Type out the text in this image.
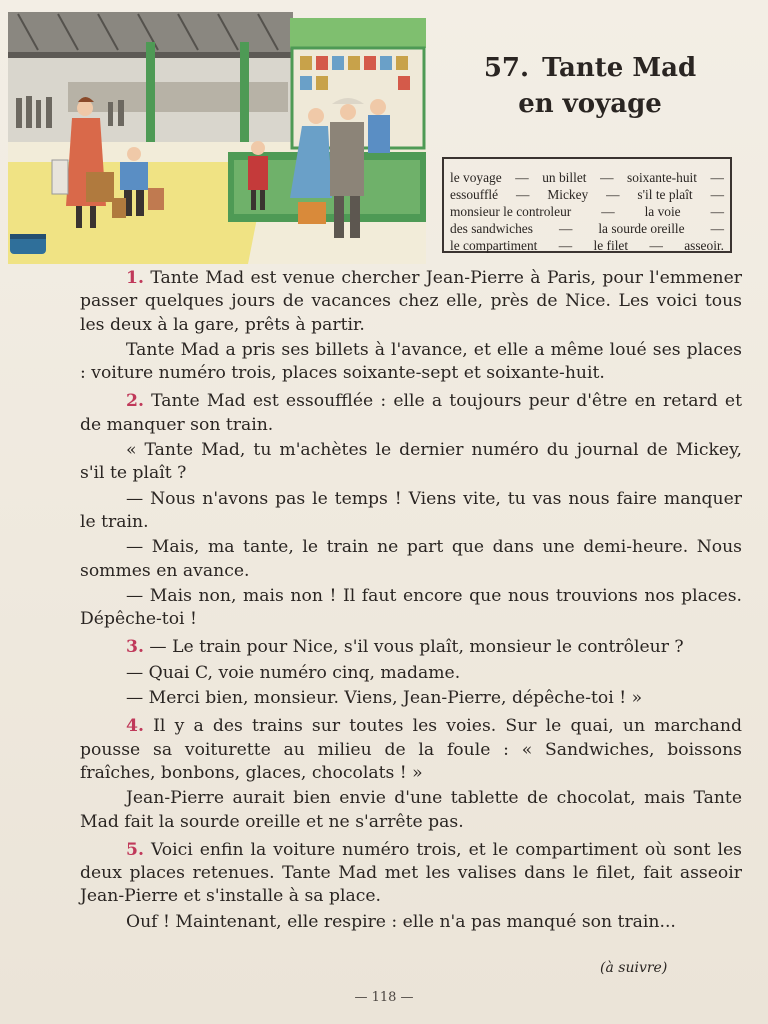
57. Tante Mad
en voyage
le voyage — un billet — soixante-huit —
essoufflé — Mickey — s'il te plaît —
monsieur le controleur — la voie —
des sandwiches — la sourde oreille —
le compartiment — le filet — asseoir.

1. Tante Mad est venue chercher Jean-Pierre à Paris, pour l'emmener passer quelques jours de vacances chez elle, près de Nice. Les voici tous les deux à la gare, prêts à partir.

Tante Mad a pris ses billets à l'avance, et elle a même loué ses places : voiture numéro trois, places soixante-sept et soixante-huit.

2. Tante Mad est essoufflée : elle a toujours peur d'être en retard et de manquer son train.

« Tante Mad, tu m'achètes le dernier numéro du journal de Mickey, s'il te plaît ?

— Nous n'avons pas le temps ! Viens vite, tu vas nous faire manquer le train.

— Mais, ma tante, le train ne part que dans une demi-heure. Nous sommes en avance.

— Mais non, mais non ! Il faut encore que nous trouvions nos places. Dépêche-toi !

3. — Le train pour Nice, s'il vous plaît, monsieur le contrôleur ?

— Quai C, voie numéro cinq, madame.

— Merci bien, monsieur. Viens, Jean-Pierre, dépêche-toi ! »

4. Il y a des trains sur toutes les voies. Sur le quai, un marchand pousse sa voiturette au milieu de la foule : « Sandwiches, boissons fraîches, bonbons, glaces, chocolats ! »

Jean-Pierre aurait bien envie d'une tablette de chocolat, mais Tante Mad fait la sourde oreille et ne s'arrête pas.

5. Voici enfin la voiture numéro trois, et le compartiment où sont les deux places retenues. Tante Mad met les valises dans le filet, fait asseoir Jean-Pierre et s'installe à sa place.

Ouf ! Maintenant, elle respire : elle n'a pas manqué son train...

(à suivre)
— 118 —
